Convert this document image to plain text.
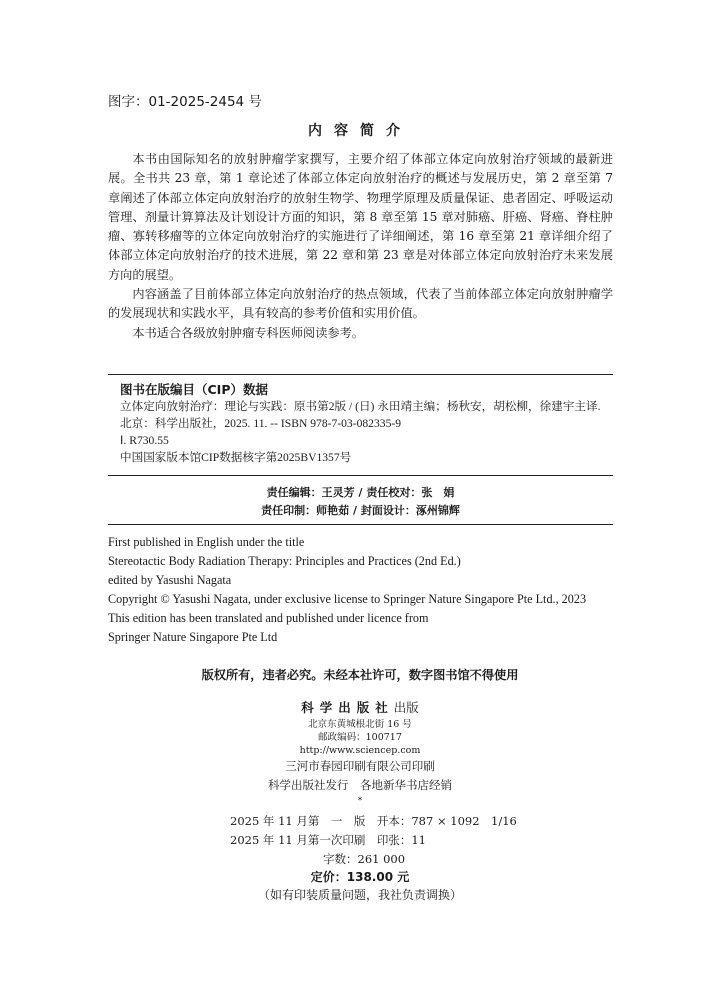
图字：01-2025-2454 号
内容简介

本书由国际知名的放射肿瘤学家撰写，主要介绍了体部立体定向放射治疗领域的最新进展。全书共 23 章，第 1 章论述了体部立体定向放射治疗的概述与发展历史，第 2 章至第 7 章阐述了体部立体定向放射治疗的放射生物学、物理学原理及质量保证、患者固定、呼吸运动管理、剂量计算算法及计划设计方面的知识，第 8 章至第 15 章对肺癌、肝癌、肾癌、脊柱肿瘤、寡转移瘤等的立体定向放射治疗的实施进行了详细阐述，第 16 章至第 21 章详细介绍了体部立体定向放射治疗的技术进展，第 22 章和第 23 章是对体部立体定向放射治疗未来发展方向的展望。

内容涵盖了目前体部立体定向放射治疗的热点领域，代表了当前体部立体定向放射肿瘤学的发展现状和实践水平，具有较高的参考价值和实用价值。

本书适合各级放射肿瘤专科医师阅读参考。

图书在版编目（CIP）数据
立体定向放射治疗：理论与实践：原书第2版 / (日) 永田靖主编；杨秋安，胡松柳，徐建宇主译.
北京：科学出版社，2025. 11. -- ISBN 978-7-03-082335-9
Ⅰ. R730.55
中国国家版本馆CIP数据核字第2025BV1357号
责任编辑：王灵芳 / 责任校对：张　娟
责任印制：师艳茹 / 封面设计：涿州锦辉
First published in English under the title
Stereotactic Body Radiation Therapy: Principles and Practices (2nd Ed.)
edited by Yasushi Nagata
Copyright © Yasushi Nagata, under exclusive license to Springer Nature Singapore Pte Ltd., 2023
This edition has been translated and published under licence from
Springer Nature Singapore Pte Ltd
版权所有，违者必究。未经本社许可，数字图书馆不得使用
科学出版社出版
北京东黄城根北街 16 号
邮政编码：100717
http://www.sciencep.com
三河市春园印刷有限公司印刷
科学出版社发行　各地新华书店经销
*
2025 年 11 月第　一　版　开本：787 × 1092　1/16
2025 年 11 月第一次印刷　印张：11
字数：261 000
定价：138.00 元
（如有印装质量问题，我社负责调换）
